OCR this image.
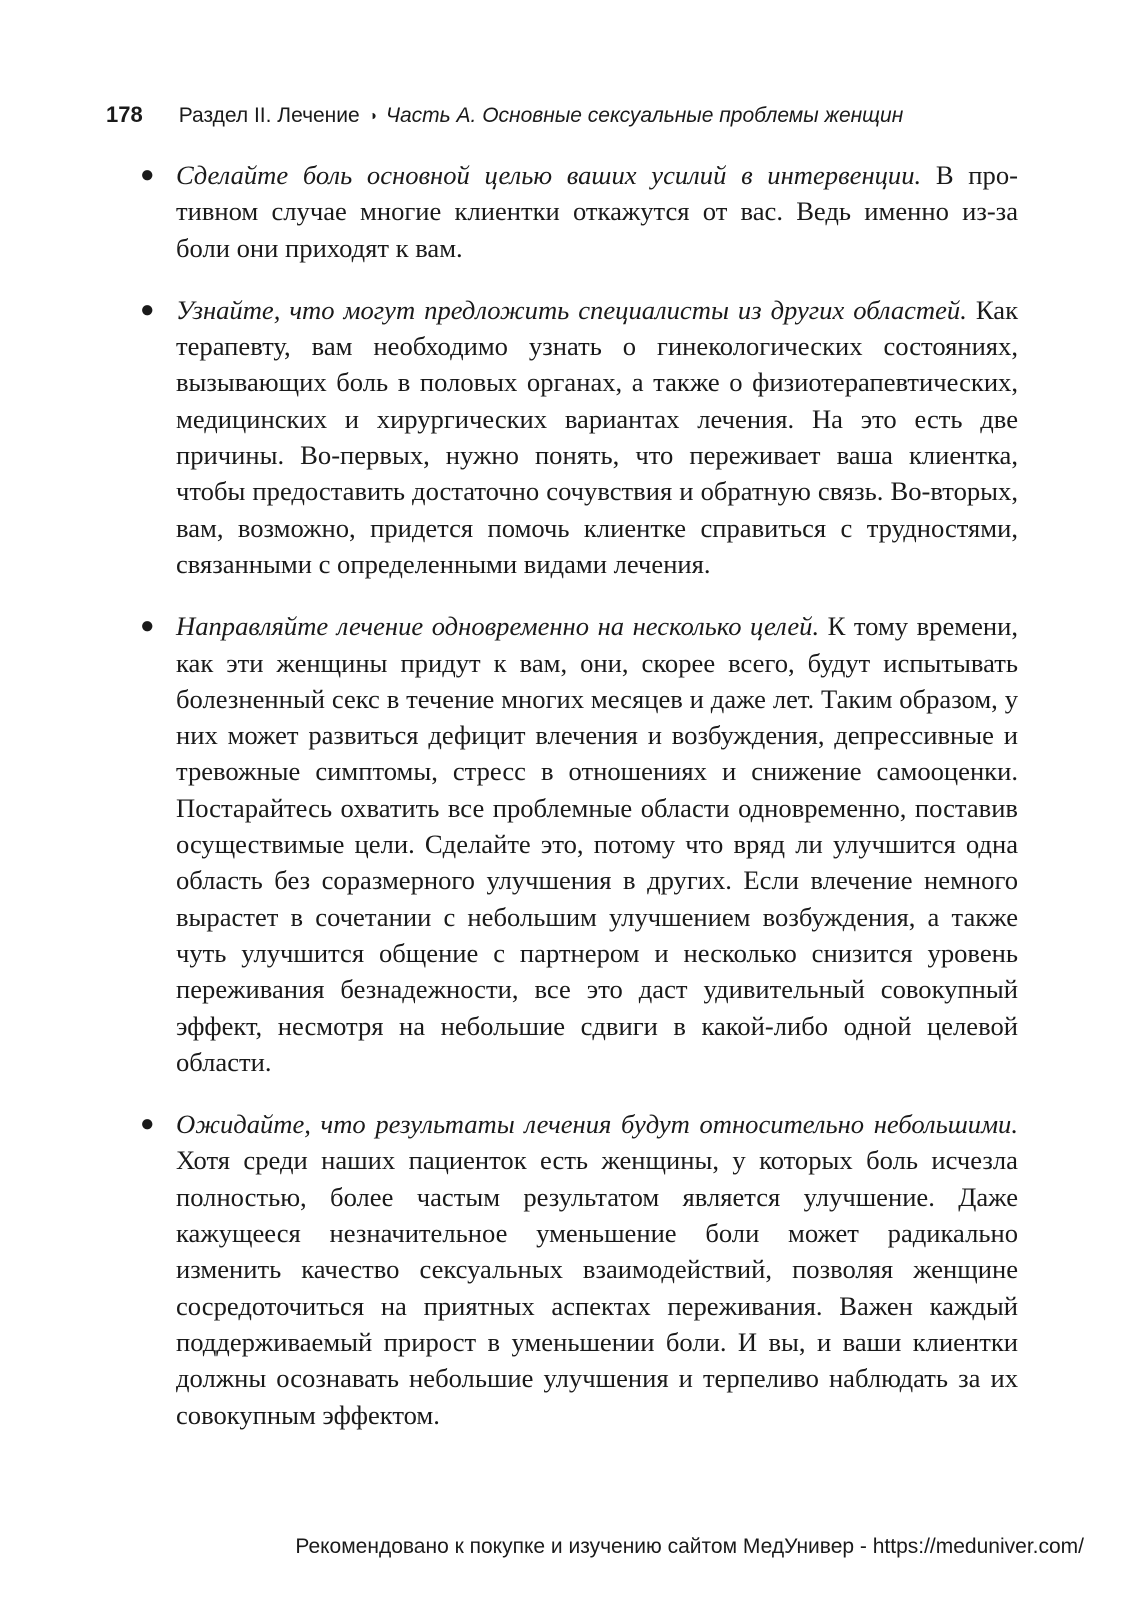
178 Раздел II. Лечение ◑ Часть А. Основные сексуальные проблемы женщин
● Сделайте боль основной целью ваших усилий в интервенции. В противном случае многие клиентки откажутся от вас. Ведь именно из-за боли они приходят к вам.
● Узнайте, что могут предложить специалисты из других областей. Как терапевту, вам необходимо узнать о гинекологических состояниях, вызывающих боль в половых органах, а также о физиотерапевтических, медицинских и хирургических вариантах лечения. На это есть две причины. Во-первых, нужно понять, что переживает ваша клиентка, чтобы предоставить достаточно сочувствия и обратную связь. Во-вторых, вам, возможно, придется помочь клиентке справиться с трудностями, связанными с определенными видами лечения.
● Направляйте лечение одновременно на несколько целей. К тому времени, как эти женщины придут к вам, они, скорее всего, будут испытывать болезненный секс в течение многих месяцев и даже лет. Таким образом, у них может развиться дефицит влечения и возбуждения, депрессивные и тревожные симптомы, стресс в отношениях и снижение самооценки. Постарайтесь охватить все проблемные области одновременно, поставив осуществимые цели. Сделайте это, потому что вряд ли улучшится одна область без соразмерного улучшения в других. Если влечение немного вырастет в сочетании с небольшим улучшением возбуждения, а также чуть улучшится общение с партнером и несколько снизится уровень переживания безнадежности, все это даст удивительный совокупный эффект, несмотря на небольшие сдвиги в какой-либо одной целевой области.
● Ожидайте, что результаты лечения будут относительно небольшими. Хотя среди наших пациенток есть женщины, у которых боль исчезла полностью, более частым результатом является улучшение. Даже кажущееся незначительное уменьшение боли может радикально изменить качество сексуальных взаимодействий, позволяя женщине сосредоточиться на приятных аспектах переживания. Важен каждый поддерживаемый прирост в уменьшении боли. И вы, и ваши клиентки должны осознавать небольшие улучшения и терпеливо наблюдать за их совокупным эффектом.
Рекомендовано к покупке и изучению сайтом МедУнивер - https://meduniver.com/
